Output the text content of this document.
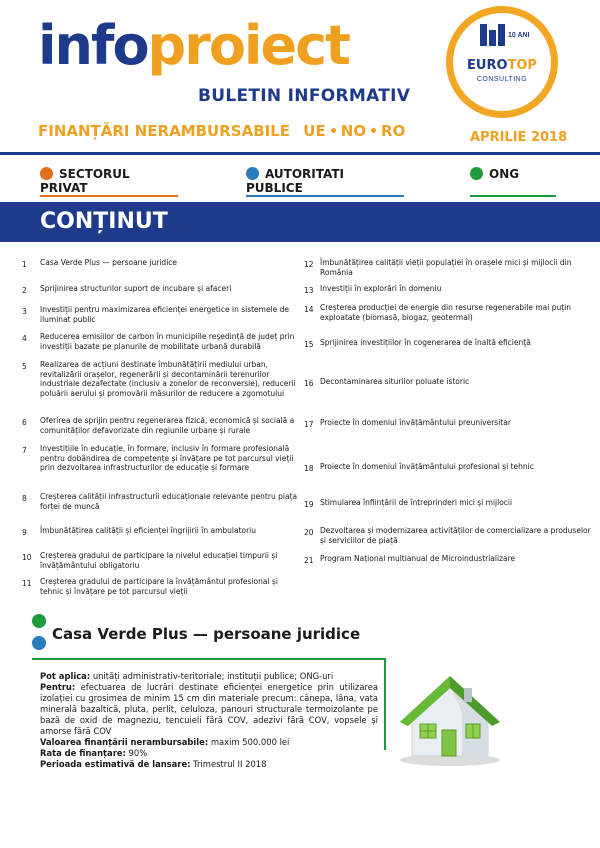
infoproiect
BULETIN INFORMATIV
FINANȚĂRI NERAMBURSABILE UE NO RO	APRILIE 2018
10 ANI
EUROTOP
CONSULTING
SECTORUL PRIVAT
AUTORITATI PUBLICE
ONG
CONȚINUT
1 Casa Verde Plus — persoane juridice
2 Sprijinirea structurilor suport de incubare și afaceri
3 Investiții pentru maximizarea eficienței energetice in sistemele de iluminat public
4 Reducerea emisiilor de carbon în municipiile reședință de județ prin investiții bazate pe planurile de mobilitate urbană durabilă
5 Realizarea de acțiuni destinate îmbunătățirii mediului urban, revitalizării orașelor, regenerării și decontaminării terenurilor industriale dezafectate (inclusiv a zonelor de reconversie), reducerii poluării aerului și promovării măsurilor de reducere a zgomotului
6 Oferirea de sprijin pentru regenerarea fizică, economică și socială a comunităților defavorizate din regiunile urbane și rurale
7 Investițiile în educație, în formare, inclusiv în formare profesională pentru dobândirea de competențe și învățare pe tot parcursul vieții prin dezvoltarea infrastructurilor de educație și formare
8 Creșterea calității infrastructurii educaționale relevante pentru piața forței de muncă
9 Îmbunătățirea calității și eficienței îngrijirii în ambulatoriu
10 Creșterea gradului de participare la nivelul educației timpurii și învățământului obligatoriu
11 Creșterea gradului de participare la învățământul profesional și tehnic și învățare pe tot parcursul vieții
12 Îmbunătățirea calității vieții populației în orașele mici și mijlocii din România
13 Investiții în explorări în domeniu
14 Creșterea producției de energie din resurse regenerabile mai puțin exploatate (biomasă, biogaz, geotermal)
15 Sprijinirea investițiilor în cogenerarea de înaltă eficiență
16 Decontaminarea siturilor poluate istoric
17 Proiecte în domeniul învățământului preuniversitar
18 Proiecte în domeniul învățământului profesional și tehnic
19 Stimularea înființării de întreprinderi mici și mijlocii
20 Dezvoltarea și modernizarea activităților de comercializare a produselor și serviciilor de piață
21 Program Național multianual de Microindustrializare
Casa Verde Plus — persoane juridice

Pot aplica: unități administrativ-teritoriale; instituții publice; ONG-uri

Pentru: efectuarea de lucrări destinate eficienței energetice prin utilizarea izolației cu grosimea de minim 15 cm din materiale precum: cânepa, lâna, vata minerală bazaltică, pluta, perlit, celuloza, panouri structurale termoizolante pe bază de oxid de magneziu, tencuieli fără COV, adezivi fără COV, vopsele și amorse fără COV

Valoarea finanțării nerambursabile: maxim 500.000 lei

Rata de finanțare: 90%

Perioada estimativă de lansare: Trimestrul II 2018
